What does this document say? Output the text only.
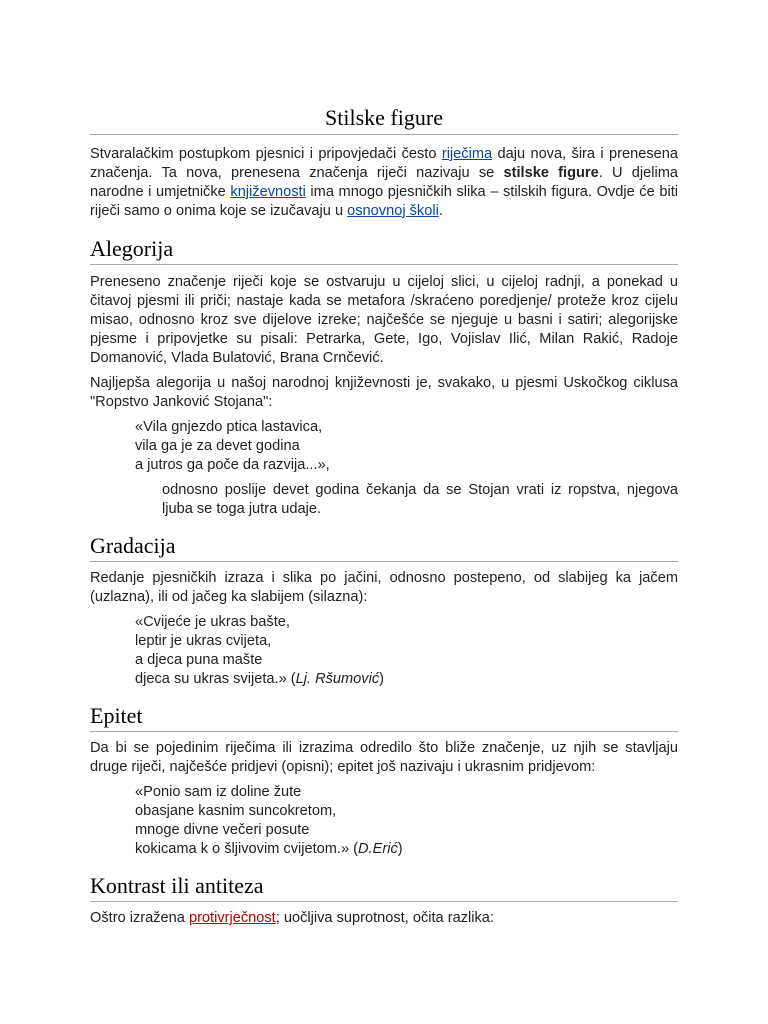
Stilske figure

Stvaralačkim postupkom pjesnici i pripovjedači često riječima daju nova, šira i prenesena značenja. Ta nova, prenesena značenja riječi nazivaju se stilske figure. U djelima narodne i umjetničke književnosti ima mnogo pjesničkih slika – stilskih figura. Ovdje će biti riječi samo o onima koje se izučavaju u osnovnoj školi.

Alegorija

Preneseno značenje riječi koje se ostvaruju u cijeloj slici, u cijeloj radnji, a ponekad u čitavoj pjesmi ili priči; nastaje kada se metafora /skraćeno poredjenje/ proteže kroz cijelu misao, odnosno kroz sve dijelove izreke; najčešće se njeguje u basni i satiri; alegorijske pjesme i pripovjetke su pisali: Petrarka, Gete, Igo, Vojislav Ilić, Milan Rakić, Radoje Domanović, Vlada Bulatović, Brana Crnčević.

Najljepša alegorija u našoj narodnoj književnosti je, svakako, u pjesmi Uskočkog ciklusa "Ropstvo Janković Stojana":

«Vila gnjezdo ptica lastavica,
vila ga je za devet godina
a jutros ga poče da razvija...»,

odnosno poslije devet godina čekanja da se Stojan vrati iz ropstva, njegova ljuba se toga jutra udaje.

Gradacija

Redanje pjesničkih izraza i slika po jačini, odnosno postepeno, od slabijeg ka jačem (uzlazna), ili od jačeg ka slabijem (silazna):

«Cvijeće je ukras bašte,
leptir je ukras cvijeta,
a djeca puna mašte
djeca su ukras svijeta.» (Lj. Ršumović)
Epitet

Da bi se pojedinim riječima ili izrazima odredilo što bliže značenje, uz njih se stavljaju druge riječi, najčešće pridjevi (opisni); epitet još nazivaju i ukrasnim pridjevom:

«Ponio sam iz doline žute
obasjane kasnim suncokretom,
mnoge divne večeri posute
kokicama k o šljivovim cvijetom.» (D.Erić)
Kontrast ili antiteza

Oštro izražena protivrječnost; uočljiva suprotnost, očita razlika:
